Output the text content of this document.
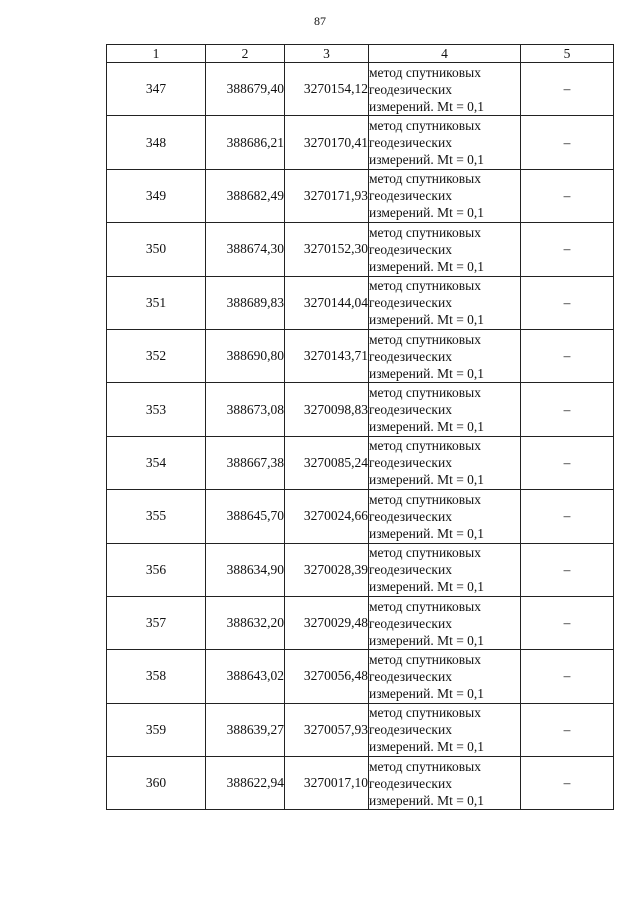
87
1	2	3	4	5
347	388679,40	3270154,12	метод спутниковых
геодезических
измерений. Mt = 0,1	–
348	388686,21	3270170,41	метод спутниковых
геодезических
измерений. Mt = 0,1	–
349	388682,49	3270171,93	метод спутниковых
геодезических
измерений. Mt = 0,1	–
350	388674,30	3270152,30	метод спутниковых
геодезических
измерений. Mt = 0,1	–
351	388689,83	3270144,04	метод спутниковых
геодезических
измерений. Mt = 0,1	–
352	388690,80	3270143,71	метод спутниковых
геодезических
измерений. Mt = 0,1	–
353	388673,08	3270098,83	метод спутниковых
геодезических
измерений. Mt = 0,1	–
354	388667,38	3270085,24	метод спутниковых
геодезических
измерений. Mt = 0,1	–
355	388645,70	3270024,66	метод спутниковых
геодезических
измерений. Mt = 0,1	–
356	388634,90	3270028,39	метод спутниковых
геодезических
измерений. Mt = 0,1	–
357	388632,20	3270029,48	метод спутниковых
геодезических
измерений. Mt = 0,1	–
358	388643,02	3270056,48	метод спутниковых
геодезических
измерений. Mt = 0,1	–
359	388639,27	3270057,93	метод спутниковых
геодезических
измерений. Mt = 0,1	–
360	388622,94	3270017,10	метод спутниковых
геодезических
измерений. Mt = 0,1	–
